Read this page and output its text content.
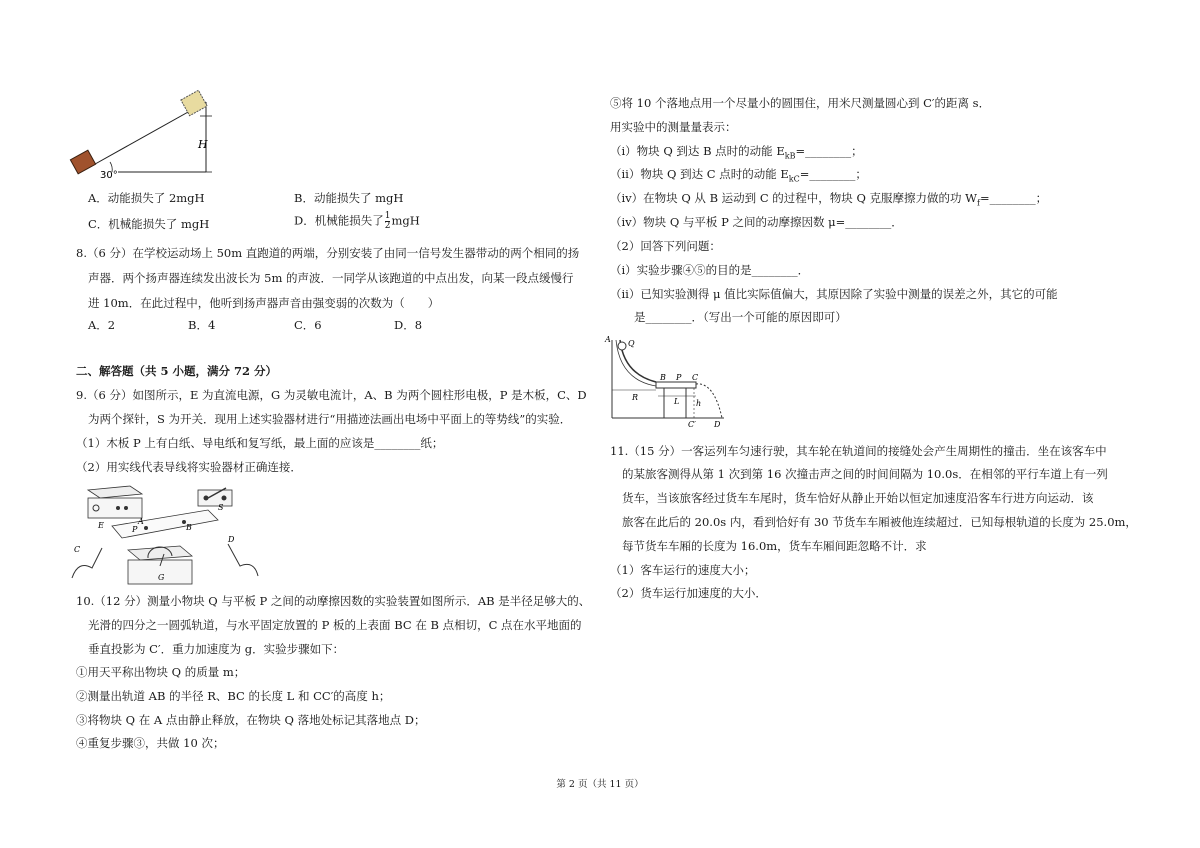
30°
H
A．动能损失了 2mgH	B．动能损失了 mgH
C．机械能损失了 mgH	D．机械能损失了 $\frac{1}{2}$ mgH
8.（6 分）在学校运动场上 50m 直跑道的两端，分别安装了由同一信号发生器带动的两个相同的扬
声器．两个扬声器连续发出波长为 5m 的声波．一同学从该跑道的中点出发，向某一段点缓慢行
进 10m．在此过程中，他听到扬声器声音由强变弱的次数为（　　）
A．2	B．4	C．6	D．8
二、解答题（共 5 小题，满分 72 分）
9.（6 分）如图所示，E 为直流电源，G 为灵敏电流计，A、B 为两个圆柱形电极，P 是木板，C、D
为两个探针，S 为开关．现用上述实验器材进行“用描迹法画出电场中平面上的等势线”的实验．
（1）木板 P 上有白纸、导电纸和复写纸，最上面的应该是________纸；
（2）用实线代表导线将实验器材正确连接．
E
S
P
A
B
C
D
G
10.（12 分）测量小物块 Q 与平板 P 之间的动摩擦因数的实验装置如图所示．AB 是半径足够大的、
光滑的四分之一圆弧轨道，与水平固定放置的 P 板的上表面 BC 在 B 点相切，C 点在水平地面的
垂直投影为 C′．重力加速度为 g．实验步骤如下：
①用天平称出物块 Q 的质量 m；
②测量出轨道 AB 的半径 R、BC 的长度 L 和 CC′的高度 h；
③将物块 Q 在 A 点由静止释放，在物块 Q 落地处标记其落地点 D；
④重复步骤③，共做 10 次；
⑤将 10 个落地点用一个尽量小的圆围住，用米尺测量圆心到 C′的距离 s．
用实验中的测量量表示：
（ⅰ）物块 Q 到达 B 点时的动能 $E_{kB}=\_\_\_\_\_\_\_\_$；
（ⅱ）物块 Q 到达 C 点时的动能 $E_{kC}=\_\_\_\_\_\_\_\_$；
（ⅳ）在物块 Q 从 B 运动到 C 的过程中，物块 Q 克服摩擦力做的功 $W_f=\_\_\_\_\_\_\_\_$；
（ⅳ）物块 Q 与平板 P 之间的动摩擦因数 μ=________．
（2）回答下列问题：
（ⅰ）实验步骤④⑤的目的是________．
（ⅱ）已知实验测得 μ 值比实际值偏大，其原因除了实验中测量的误差之外，其它的可能
是________．（写出一个可能的原因即可）
A Q
B P C
R	L h
C′ D
11.（15 分）一客运列车匀速行驶，其车轮在轨道间的接缝处会产生周期性的撞击．坐在该客车中
的某旅客测得从第 1 次到第 16 次撞击声之间的时间间隔为 10.0s．在相邻的平行车道上有一列
货车，当该旅客经过货车车尾时，货车恰好从静止开始以恒定加速度沿客车行进方向运动．该
旅客在此后的 20.0s 内，看到恰好有 30 节货车车厢被他连续超过．已知每根轨道的长度为 25.0m，
每节货车车厢的长度为 16.0m，货车车厢间距忽略不计．求
（1）客车运行的速度大小；
（2）货车运行加速度的大小．
第 2 页（共 11 页）
